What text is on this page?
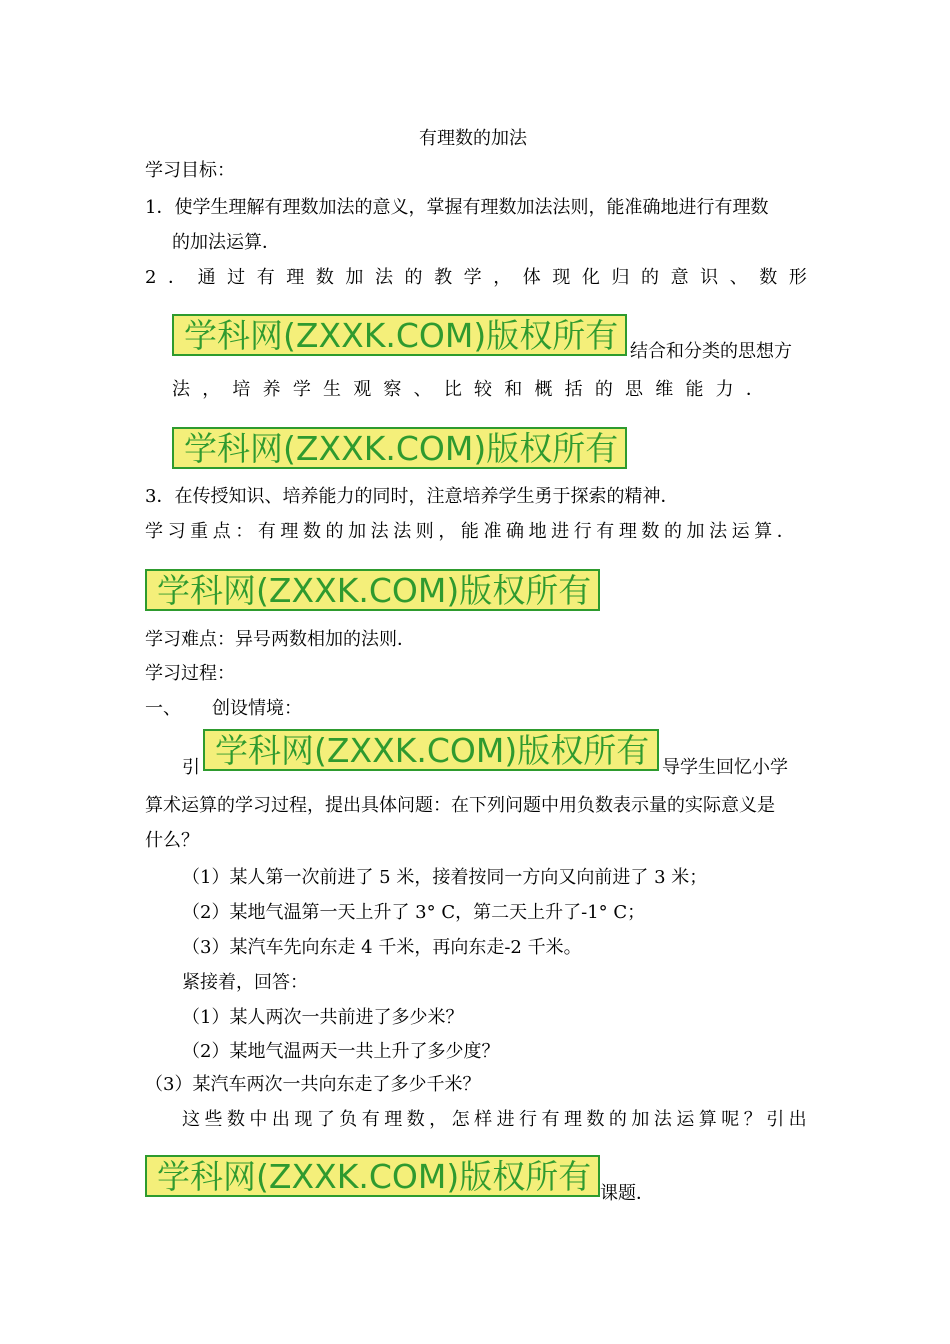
有理数的加法
学习目标：
1．使学生理解有理数加法的意义，掌握有理数加法法则，能准确地进行有理数
的加法运算．
2 ． 通 过 有 理 数 加 法 的 教 学 ， 体 现 化 归 的 意 识 、 数 形
学科网(ZXXK.COM)版权所有 结合和分类的思想方
法 ， 培 养 学 生 观 察 、 比 较 和 概 括 的 思 维 能 力 ．
学科网(ZXXK.COM)版权所有
3．在传授知识、培养能力的同时，注意培养学生勇于探索的精神．
学 习 重 点 ： 有 理 数 的 加 法 法 则 ， 能 准 确 地 进 行 有 理 数 的 加 法 运 算 ．
学科网(ZXXK.COM)版权所有
学习难点：异号两数相加的法则．
学习过程：
一、 创设情境：
引 学科网(ZXXK.COM)版权所有 导学生回忆小学
算术运算的学习过程，提出具体问题：在下列问题中用负数表示量的实际意义是
什么？
（1）某人第一次前进了 5 米，接着按同一方向又向前进了 3 米；
（2）某地气温第一天上升了 3° C，第二天上升了-1° C；
（3）某汽车先向东走 4 千米，再向东走-2 千米。
紧接着，回答：
（1）某人两次一共前进了多少米？
（2）某地气温两天一共上升了多少度？
（3）某汽车两次一共向东走了多少千米？
这 些 数 中 出 现 了 负 有 理 数 ， 怎 样 进 行 有 理 数 的 加 法 运 算 呢 ？ 引 出
学科网(ZXXK.COM)版权所有 课题．
